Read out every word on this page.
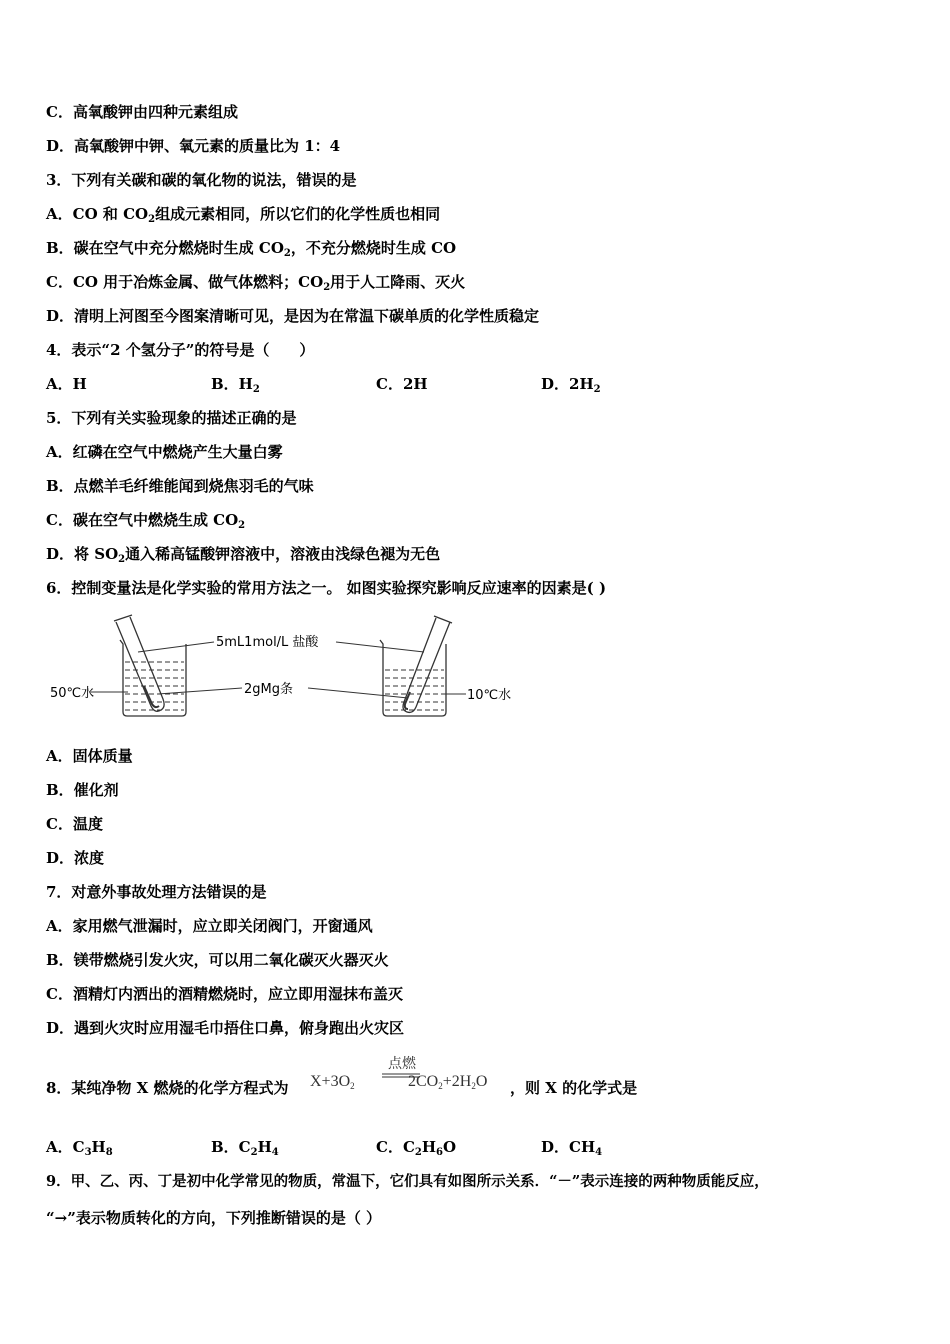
C．高氧酸钾由四种元素组成
D．高氧酸钾中钾、氧元素的质量比为 1：4
3．下列有关碳和碳的氧化物的说法，错误的是
A．CO 和 $CO_2$组成元素相同，所以它们的化学性质也相同
B．碳在空气中充分燃烧时生成 $CO_2$，不充分燃烧时生成 CO
C．CO 用于冶炼金属、做气体燃料；$CO_2$用于人工降雨、灭火
D．清明上河图至今图案清晰可见，是因为在常温下碳单质的化学性质稳定
4．表示“2 个氢分子”的符号是（　　）
A．H	B．$H_2$	C．2H	D．$2H_2$
5．下列有关实验现象的描述正确的是
A．红磷在空气中燃烧产生大量白雾
B．点燃羊毛纤维能闻到烧焦羽毛的气味
C．碳在空气中燃烧生成 $CO_2$
D．将 $SO_2$通入稀高锰酸钾溶液中，溶液由浅绿色褪为无色
6．控制变量法是化学实验的常用方法之一。 如图实验探究影响反应速率的因素是( )
5mL1mol/L 盐酸
2gMg条
50℃水	10℃水
A．固体质量
B．催化剂
C．温度
D．浓度
7．对意外事故处理方法错误的是
A．家用燃气泄漏时，应立即关闭阀门，开窗通风
B．镁带燃烧引发火灾，可以用二氧化碳灭火器灭火
C．酒精灯内洒出的酒精燃烧时，应立即用湿抹布盖灭
D．遇到火灾时应用湿毛巾捂住口鼻，俯身跑出火灾区
8．某纯净物 X 燃烧的化学方程式为
点燃
X+3O2	2CO2+2H2O ，则 X 的化学式是
A．$C_3H_8$	B．$C_2H_4$	C．$C_2H_6O$	D．$CH_4$
9．甲、乙、丙、丁是初中化学常见的物质，常温下，它们具有如图所示关系．“－”表示连接的两种物质能反应，
“→”表示物质转化的方向，下列推断错误的是（ ）
